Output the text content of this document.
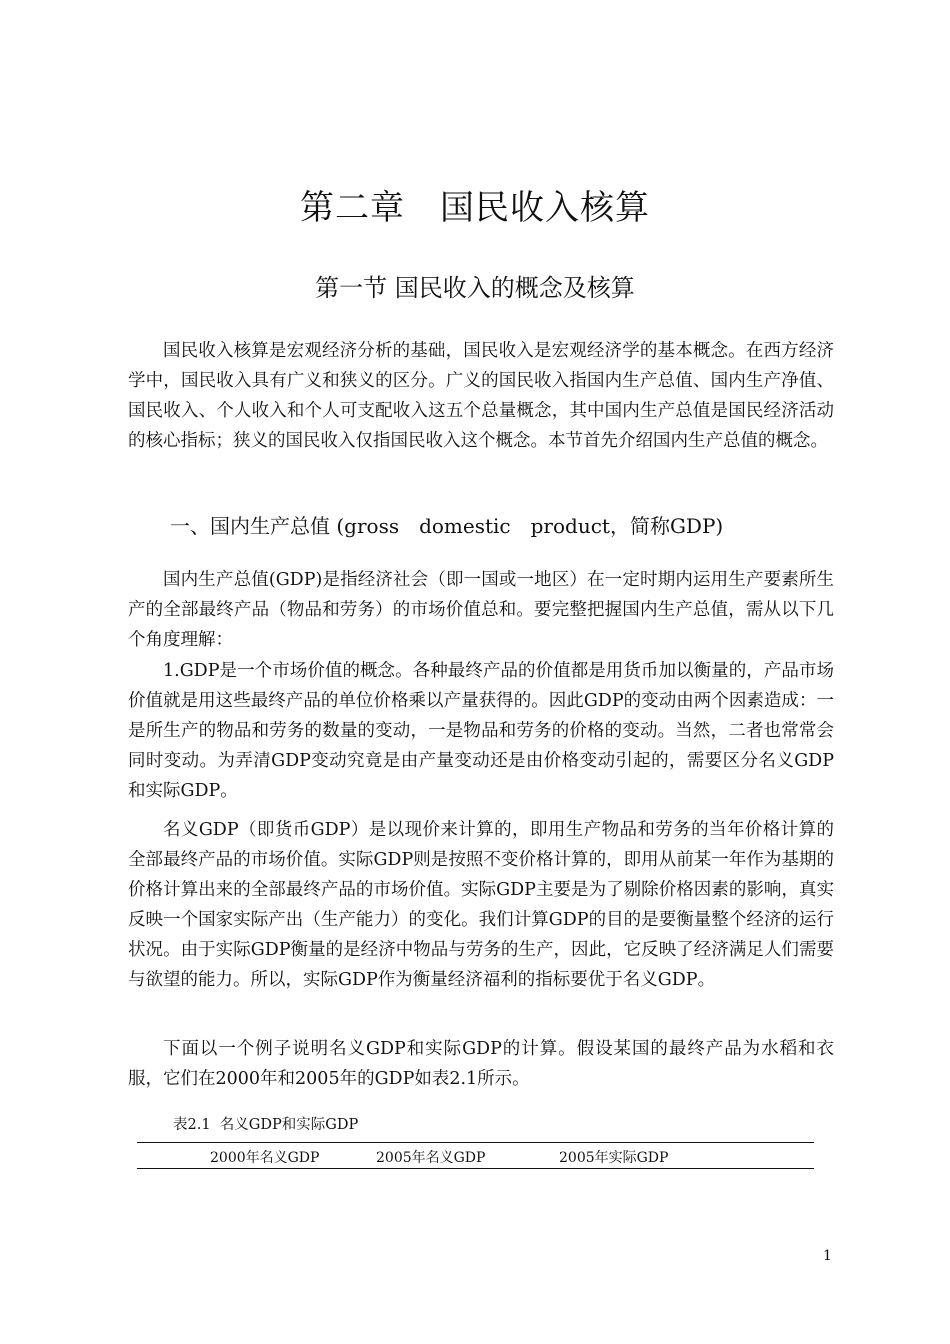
第二章　国民收入核算
第一节 国民收入的概念及核算

国民收入核算是宏观经济分析的基础，国民收入是宏观经济学的基本概念。在西方经济学中，国民收入具有广义和狭义的区分。广义的国民收入指国内生产总值、国内生产净值、国民收入、个人收入和个人可支配收入这五个总量概念，其中国内生产总值是国民经济活动的核心指标；狭义的国民收入仅指国民收入这个概念。本节首先介绍国内生产总值的概念。

一、国内生产总值 (gross　domestic　product，简称GDP)

国内生产总值(GDP)是指经济社会（即一国或一地区）在一定时期内运用生产要素所生产的全部最终产品（物品和劳务）的市场价值总和。要完整把握国内生产总值，需从以下几个角度理解：

1.GDP是一个市场价值的概念。各种最终产品的价值都是用货币加以衡量的，产品市场价值就是用这些最终产品的单位价格乘以产量获得的。因此GDP的变动由两个因素造成：一是所生产的物品和劳务的数量的变动，一是物品和劳务的价格的变动。当然，二者也常常会同时变动。为弄清GDP变动究竟是由产量变动还是由价格变动引起的，需要区分名义GDP和实际GDP。

名义GDP（即货币GDP）是以现价来计算的，即用生产物品和劳务的当年价格计算的全部最终产品的市场价值。实际GDP则是按照不变价格计算的，即用从前某一年作为基期的价格计算出来的全部最终产品的市场价值。实际GDP主要是为了剔除价格因素的影响，真实反映一个国家实际产出（生产能力）的变化。我们计算GDP的目的是要衡量整个经济的运行状况。由于实际GDP衡量的是经济中物品与劳务的生产，因此，它反映了经济满足人们需要与欲望的能力。所以，实际GDP作为衡量经济福利的指标要优于名义GDP。

下面以一个例子说明名义GDP和实际GDP的计算。假设某国的最终产品为水稻和衣服，它们在2000年和2005年的GDP如表2.1所示。

表2.1  名义GDP和实际GDP
2000年名义GDP	2005年名义GDP	2005年实际GDP
1
